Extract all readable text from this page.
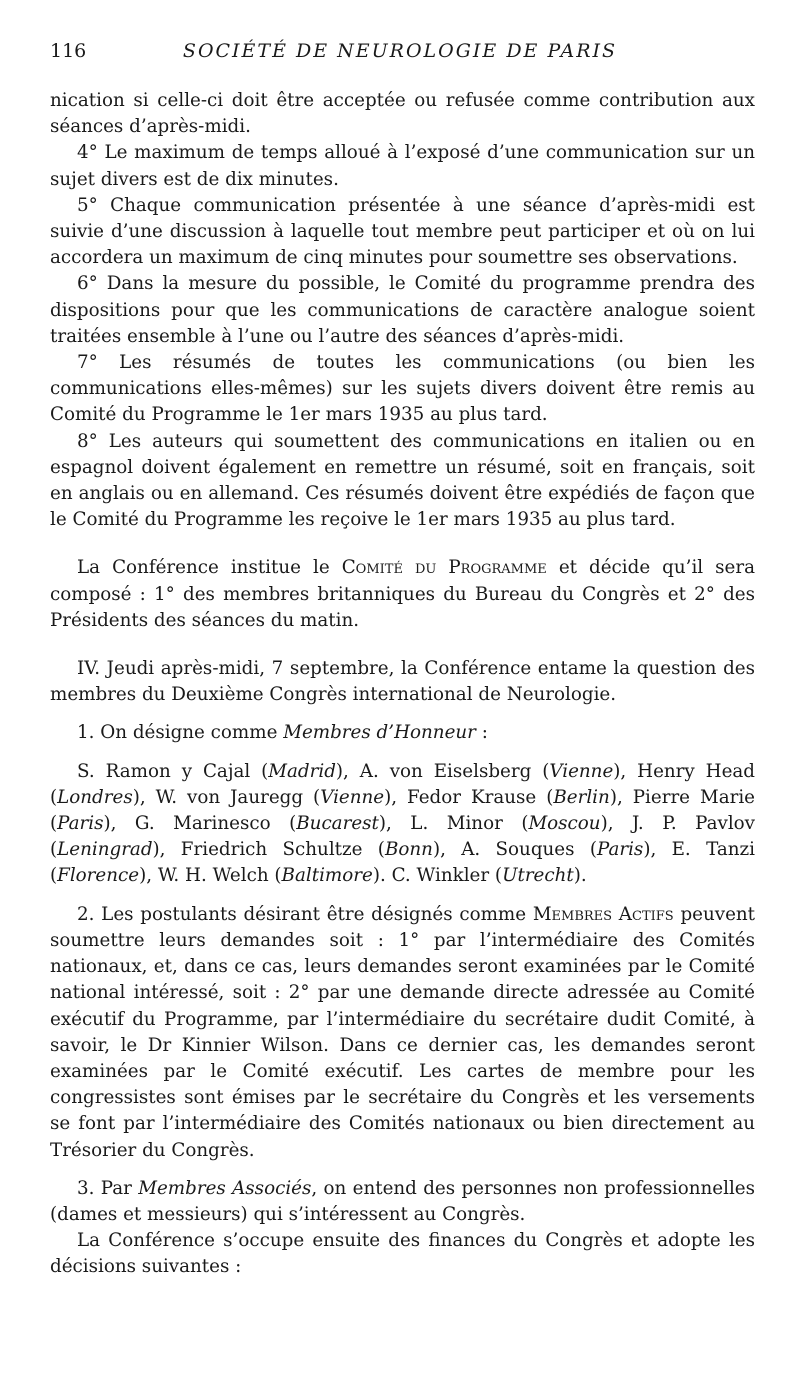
116	SOCIÉTÉ DE NEUROLOGIE DE PARIS

nication si celle-ci doit être acceptée ou refusée comme contribution aux séances d’après-midi.

4° Le maximum de temps alloué à l’exposé d’une communication sur un sujet divers est de dix minutes.

5° Chaque communication présentée à une séance d’après-midi est suivie d’une discussion à laquelle tout membre peut participer et où on lui accordera un maximum de cinq minutes pour soumettre ses observations.

6° Dans la mesure du possible, le Comité du programme prendra des dispositions pour que les communications de caractère analogue soient traitées ensemble à l’une ou l’autre des séances d’après-midi.

7° Les résumés de toutes les communications (ou bien les communications elles-mêmes) sur les sujets divers doivent être remis au Comité du Programme le 1er mars 1935 au plus tard.

8° Les auteurs qui soumettent des communications en italien ou en espagnol doivent également en remettre un résumé, soit en français, soit en anglais ou en allemand. Ces résumés doivent être expédiés de façon que le Comité du Programme les reçoive le 1er mars 1935 au plus tard.

La Conférence institue le Comité du Programme et décide qu’il sera composé : 1° des membres britanniques du Bureau du Congrès et 2° des Présidents des séances du matin.

IV. Jeudi après-midi, 7 septembre, la Conférence entame la question des membres du Deuxième Congrès international de Neurologie.

1. On désigne comme Membres d’Honneur :

S. Ramon y Cajal (Madrid), A. von Eiselsberg (Vienne), Henry Head (Londres), W. von Jauregg (Vienne), Fedor Krause (Berlin), Pierre Marie (Paris), G. Marinesco (Bucarest), L. Minor (Moscou), J. P. Pavlov (Leningrad), Friedrich Schultze (Bonn), A. Souques (Paris), E. Tanzi (Florence), W. H. Welch (Baltimore). C. Winkler (Utrecht).

2. Les postulants désirant être désignés comme Membres Actifs peuvent soumettre leurs demandes soit : 1° par l’intermédiaire des Comités nationaux, et, dans ce cas, leurs demandes seront examinées par le Comité national intéressé, soit : 2° par une demande directe adressée au Comité exécutif du Programme, par l’intermédiaire du secrétaire dudit Comité, à savoir, le Dr Kinnier Wilson. Dans ce dernier cas, les demandes seront examinées par le Comité exécutif. Les cartes de membre pour les congressistes sont émises par le secrétaire du Congrès et les versements se font par l’intermédiaire des Comités nationaux ou bien directement au Trésorier du Congrès.

3. Par Membres Associés, on entend des personnes non professionnelles (dames et messieurs) qui s’intéressent au Congrès.

La Conférence s’occupe ensuite des finances du Congrès et adopte les décisions suivantes :
